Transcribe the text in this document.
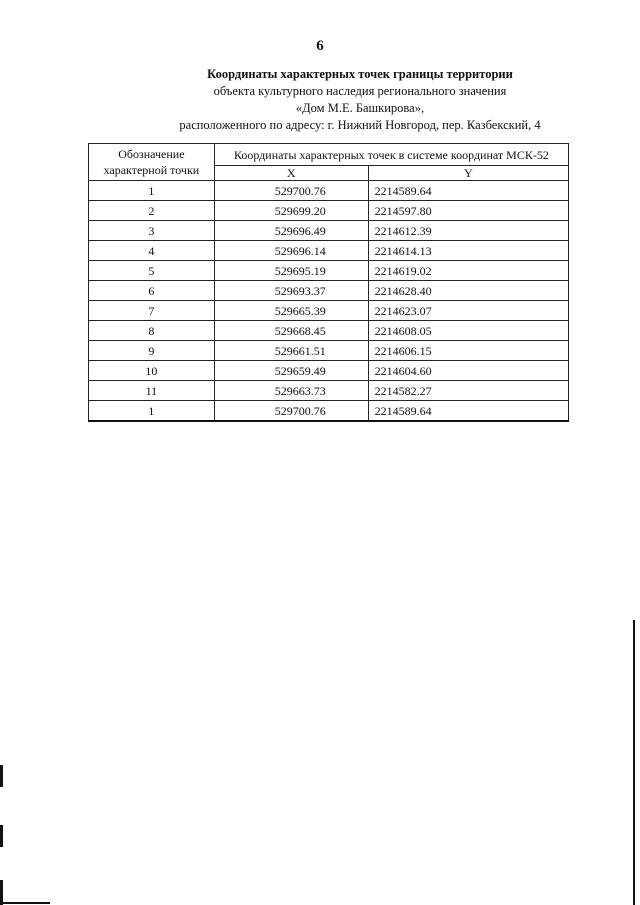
6
Координаты характерных точек границы территории
объекта культурного наследия регионального значения
«Дом М.Е. Башкирова»,
расположенного по адресу: г. Нижний Новгород, пер. Казбекский, 4
Обозначение характерной точки	Координаты характерных точек в системе координат МСК-52	
	X	Y
1	529700.76	2214589.64
2	529699.20	2214597.80
3	529696.49	2214612.39
4	529696.14	2214614.13
5	529695.19	2214619.02
6	529693.37	2214628.40
7	529665.39	2214623.07
8	529668.45	2214608.05
9	529661.51	2214606.15
10	529659.49	2214604.60
11	529663.73	2214582.27
1	529700.76	2214589.64
